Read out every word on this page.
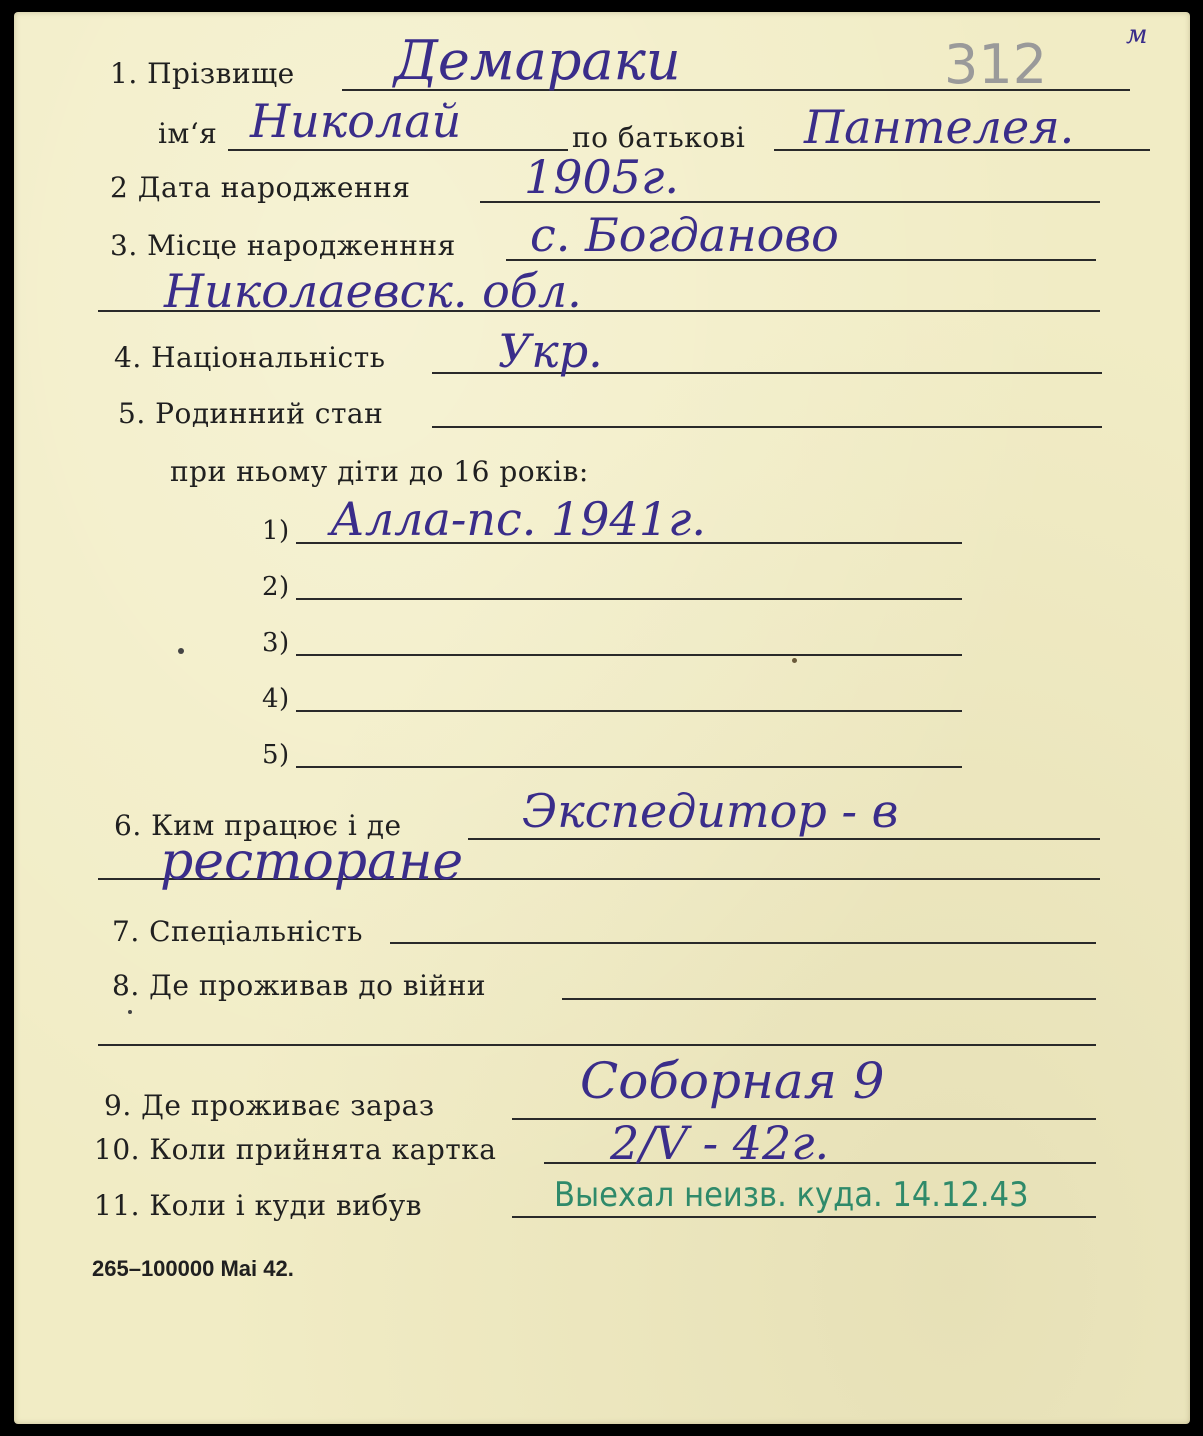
1. Прізвище Демараки	312	м
ім‘я Николай	по батькові Пантелея.
2 Дата народження 1905г.
3. Місце народженння с. Богданово
Николаевск. обл.
4. Національність Укр.
5. Родинний стан
при ньому діти до 16 років:
1) Алла-пс. 1941г.
2)
3)
4)
5)
6. Ким працює і де	Экспедитор - в
ресторане
7. Спеціальність
8. Де проживав до війни
9. Де проживає зараз	Соборная 9
10. Коли прийнята картка 2/V - 42г.
11. Коли і куди вибув	Выехал неизв. куда. 14.12.43
265–100000 Mai 42.
